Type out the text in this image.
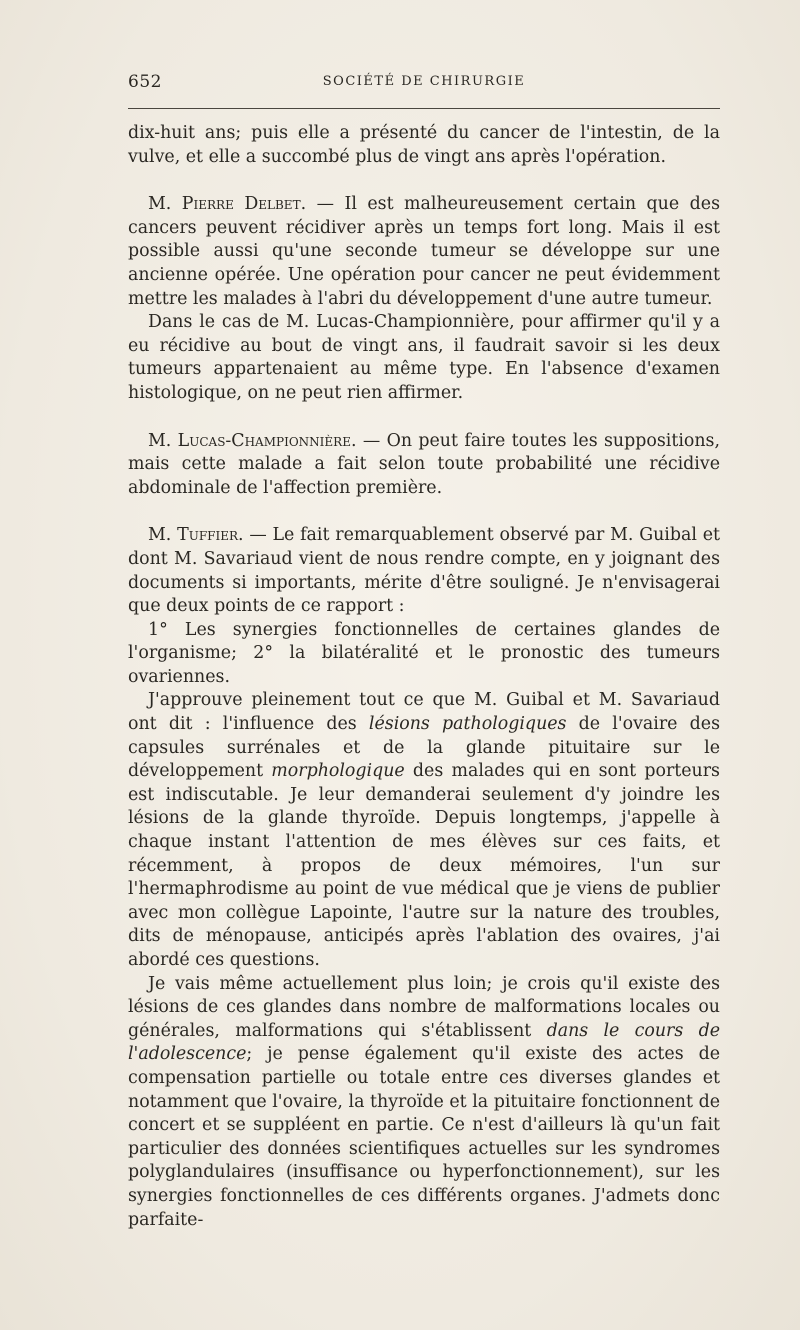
652	SOCIÉTÉ DE CHIRURGIE

dix-huit ans; puis elle a présenté du cancer de l'intestin, de la vulve, et elle a succombé plus de vingt ans après l'opération.

M. Pierre Delbet. — Il est malheureusement certain que des cancers peuvent récidiver après un temps fort long. Mais il est possible aussi qu'une seconde tumeur se développe sur une ancienne opérée. Une opération pour cancer ne peut évidemment mettre les malades à l'abri du développement d'une autre tumeur.

Dans le cas de M. Lucas-Championnière, pour affirmer qu'il y a eu récidive au bout de vingt ans, il faudrait savoir si les deux tumeurs appartenaient au même type. En l'absence d'examen histologique, on ne peut rien affirmer.

M. Lucas-Championnière. — On peut faire toutes les suppositions, mais cette malade a fait selon toute probabilité une récidive abdominale de l'affection première.

M. Tuffier. — Le fait remarquablement observé par M. Guibal et dont M. Savariaud vient de nous rendre compte, en y joignant des documents si importants, mérite d'être souligné. Je n'envisagerai que deux points de ce rapport :

1° Les synergies fonctionnelles de certaines glandes de l'organisme; 2° la bilatéralité et le pronostic des tumeurs ovariennes.

J'approuve pleinement tout ce que M. Guibal et M. Savariaud ont dit : l'influence des lésions pathologiques de l'ovaire des capsules surrénales et de la glande pituitaire sur le développement morphologique des malades qui en sont porteurs est indiscutable. Je leur demanderai seulement d'y joindre les lésions de la glande thyroïde. Depuis longtemps, j'appelle à chaque instant l'attention de mes élèves sur ces faits, et récemment, à propos de deux mémoires, l'un sur l'hermaphrodisme au point de vue médical que je viens de publier avec mon collègue Lapointe, l'autre sur la nature des troubles, dits de ménopause, anticipés après l'ablation des ovaires, j'ai abordé ces questions.

Je vais même actuellement plus loin; je crois qu'il existe des lésions de ces glandes dans nombre de malformations locales ou générales, malformations qui s'établissent dans le cours de l'adolescence; je pense également qu'il existe des actes de compensation partielle ou totale entre ces diverses glandes et notamment que l'ovaire, la thyroïde et la pituitaire fonctionnent de concert et se suppléent en partie. Ce n'est d'ailleurs là qu'un fait particulier des données scientifiques actuelles sur les syndromes polyglandulaires (insuffisance ou hyperfonctionnement), sur les synergies fonctionnelles de ces différents organes. J'admets donc parfaite-
